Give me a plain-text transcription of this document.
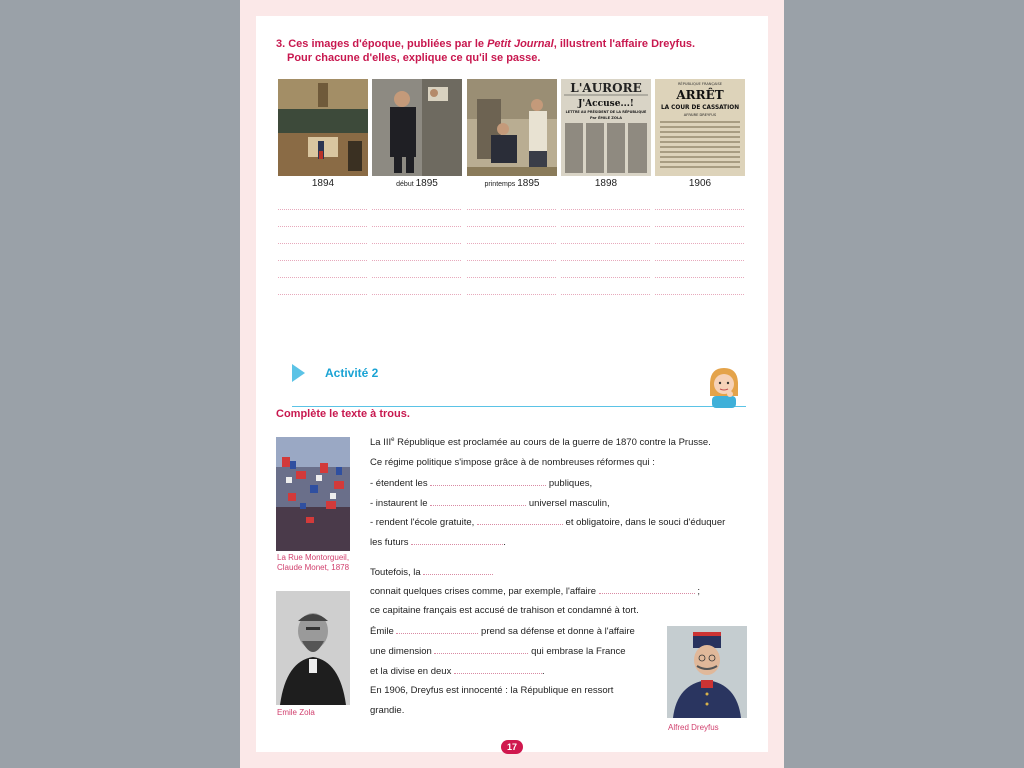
3. Ces images d'époque, publiées par le Petit Journal, illustrent l'affaire Dreyfus.
Pour chacune d'elles, explique ce qu'il se passe.
L'AURORE
J'Accuse...!
LETTRE AU PRÉSIDENT DE LA RÉPUBLIQUE
Par ÉMILE ZOLA
RÉPUBLIQUE FRANÇAISE
ARRÊT
LA COUR DE CASSATION
AFFAIRE DREYFUS
1894	début 1895	printemps 1895	1898	1906
Activité 2
Complète le texte à trous.
La Rue Montorgueil,
Claude Monet, 1878
Emile Zola
Alfred Dreyfus
La IIIe République est proclamée au cours de la guerre de 1870 contre la Prusse.
Ce régime politique s'impose grâce à de nombreuses réformes qui :
- étendent les	publiques,
- instaurent le	universel masculin,
- rendent l'école gratuite,	et obligatoire, dans le souci d'éduquer
les futurs	.
Toutefois, la
connait quelques crises comme, par exemple, l'affaire	;
ce capitaine français est accusé de trahison et condamné à tort.
Émile	prend sa défense et donne à l'affaire
une dimension	qui embrase la France
et la divise en deux	.
En 1906, Dreyfus est innocenté : la République en ressort
grandie.
17
